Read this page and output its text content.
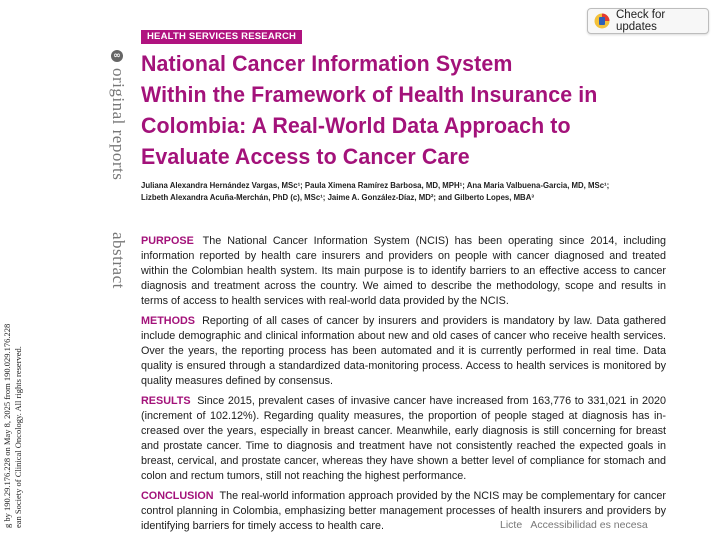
g by 190.29.176.228 on May 8, 2025 from 190.029.176.228 ean Society of Clinical Oncology. All rights reserved.
∞
original reports
abstract
Check for updates
HEALTH SERVICES RESEARCH
National Cancer Information System
Within the Framework of Health Insurance in
Colombia: A Real-World Data Approach to
Evaluate Access to Cancer Care
Juliana Alexandra Hernández Vargas, MSc¹; Paula Ximena Ramírez Barbosa, MD, MPH¹; Ana Maria Valbuena-Garcia, MD, MSc¹;
Lizbeth Alexandra Acuña-Merchán, PhD (c), MSc¹; Jaime A. González-Díaz, MD²; and Gilberto Lopes, MBA³

PURPOSE The National Cancer Information System (NCIS) has been operating since 2014, including information reported by health care insurers and providers on people with cancer diagnosed and treated within the Colombian health system. Its main purpose is to identify barriers to an effective access to cancer diagnosis and treatment across the country. We aimed to describe the methodology, scope and results in terms of access to health services with real-world data provided by the NCIS.

METHODS Reporting of all cases of cancer by insurers and providers is mandatory by law. Data gathered include demographic and clinical information about new and old cases of cancer who receive health services. Over the years, the reporting process has been automated and it is currently performed in real time. Data quality is ensured through a standardized data-monitoring process. Access to health services is monitored by quality measures defined by consensus.

RESULTS Since 2015, prevalent cases of invasive cancer have increased from 163,776 to 331,021 in 2020 (increment of 102.12%). Regarding quality measures, the proportion of people staged at diagnosis has in-creased over the years, especially in breast cancer. Meanwhile, early diagnosis is still concerning for breast and prostate cancer. Time to diagnosis and treatment have not consistently reached the expected goals in breast, cervical, and prostate cancer, whereas they have shown a better level of compliance for stomach and colon and rectum tumors, still not reaching the highest performance.

CONCLUSION The real-world information approach provided by the NCIS may be complementary for cancer control planning in Colombia, emphasizing better management processes of health insurers and providers by identifying barriers for timely access to health care.	Licte   Accessibilidad es necesa
